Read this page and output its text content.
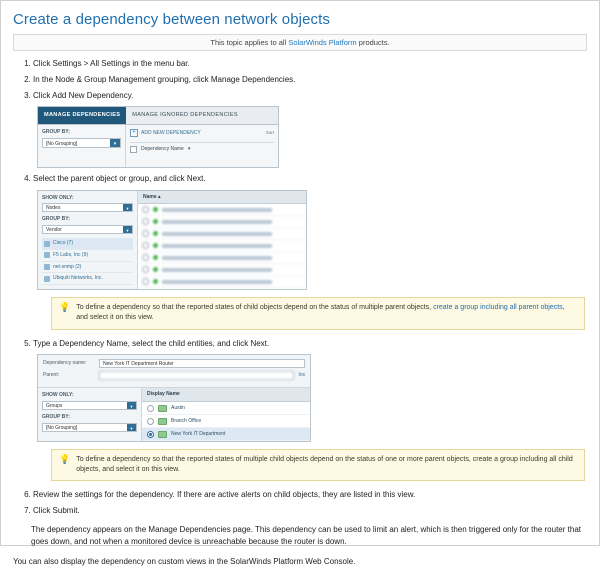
Create a dependency between network objects
This topic applies to all SolarWinds Platform products.
1. Click Settings > All Settings in the menu bar.
2. In the Node & Group Management grouping, click Manage Dependencies.
3. Click Add New Dependency.
MANAGE DEPENDENCIES	MANAGE IGNORED DEPENDENCIES
GROUP BY:
[No Grouping]	▾
+	ADD NEW DEPENDENCY	Sort
Dependency Name ▾
4. Select the parent object or group, and click Next.
SHOW ONLY:
Nodes	▾
GROUP BY:
Vendor	▾
Cisco (7)
F5 Labs, Inc (9)
net-snmp (2)
Ubiquiti Networks, Inc.
Name ▴
💡 To define a dependency so that the reported states of child objects depend on the status of multiple parent objects, create a group including all parent objects, and select it on this view.
5. Type a Dependency Name, select the child entities, and click Next.
Dependency name:	New York IT Department Router
Parent:	Ins
SHOW ONLY:
Groups	▾
GROUP BY:
[No Grouping]	▾
Display Name
Austin
Branch Office
New York IT Department
💡 To define a dependency so that the reported states of multiple child objects depend on the status of one or more parent objects, create a group including all child objects, and select it on this view.
6. Review the settings for the dependency. If there are active alerts on child objects, they are listed in this view.
7. Click Submit.

The dependency appears on the Manage Dependencies page. This dependency can be used to limit an alert, which is then triggered only for the router that goes down, and not when a monitored device is unreachable because the router is down.

You can also display the dependency on custom views in the SolarWinds Platform Web Console.
